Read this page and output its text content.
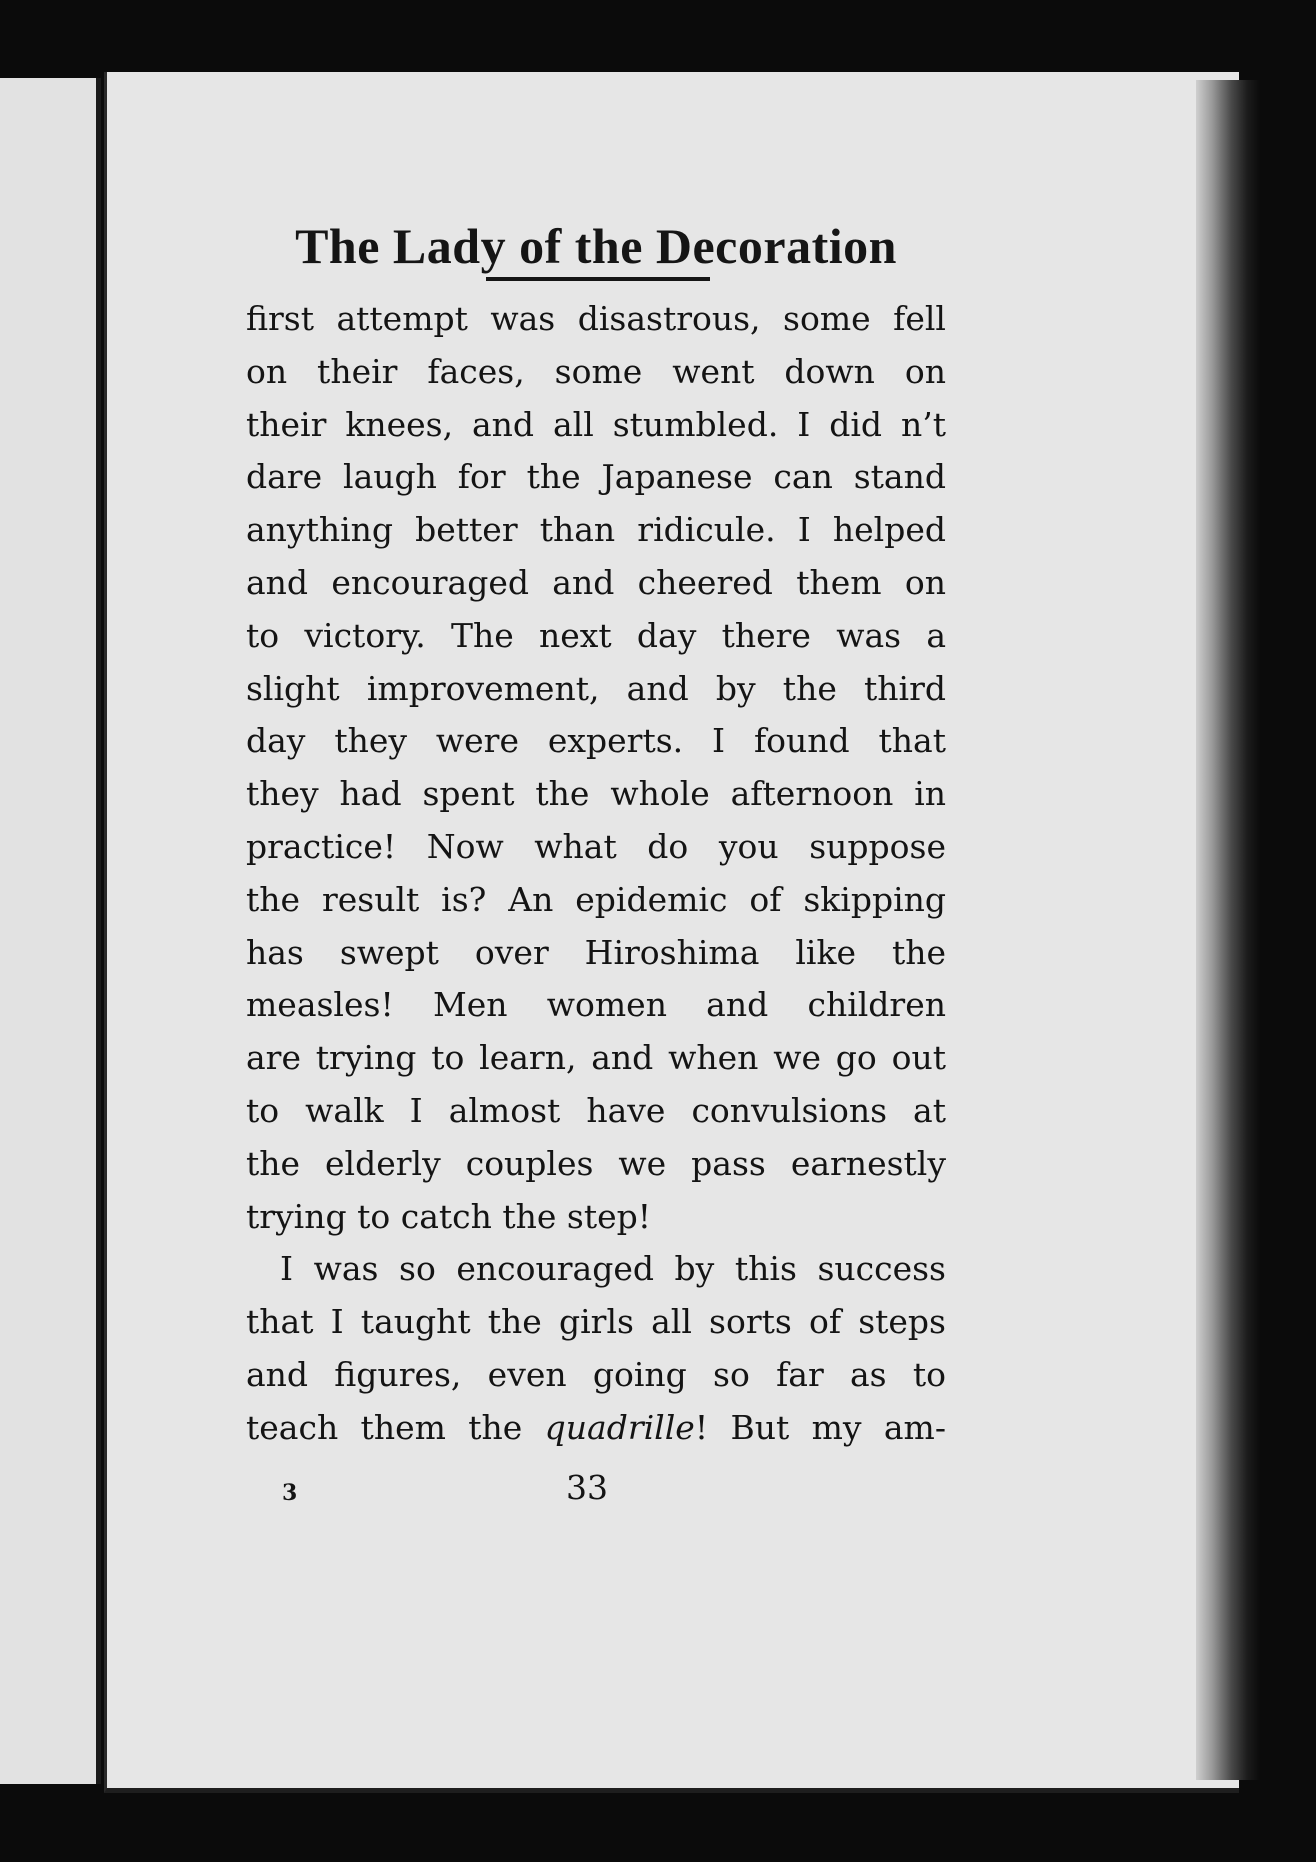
The Lady of the Decoration
first attempt was disastrous, some fell
on their faces, some went down on
their knees, and all stumbled. I did n’t
dare laugh for the Japanese can stand
anything better than ridicule. I helped
and encouraged and cheered them on
to victory. The next day there was a
slight improvement, and by the third
day they were experts. I found that
they had spent the whole afternoon in
practice! Now what do you suppose
the result is? An epidemic of skipping
has swept over Hiroshima like the
measles! Men women and children
are trying to learn, and when we go out
to walk I almost have convulsions at
the elderly couples we pass earnestly
trying to catch the step!
I was so encouraged by this success
that I taught the girls all sorts of steps
and figures, even going so far as to
teach them the quadrille! But my am-
3	33
